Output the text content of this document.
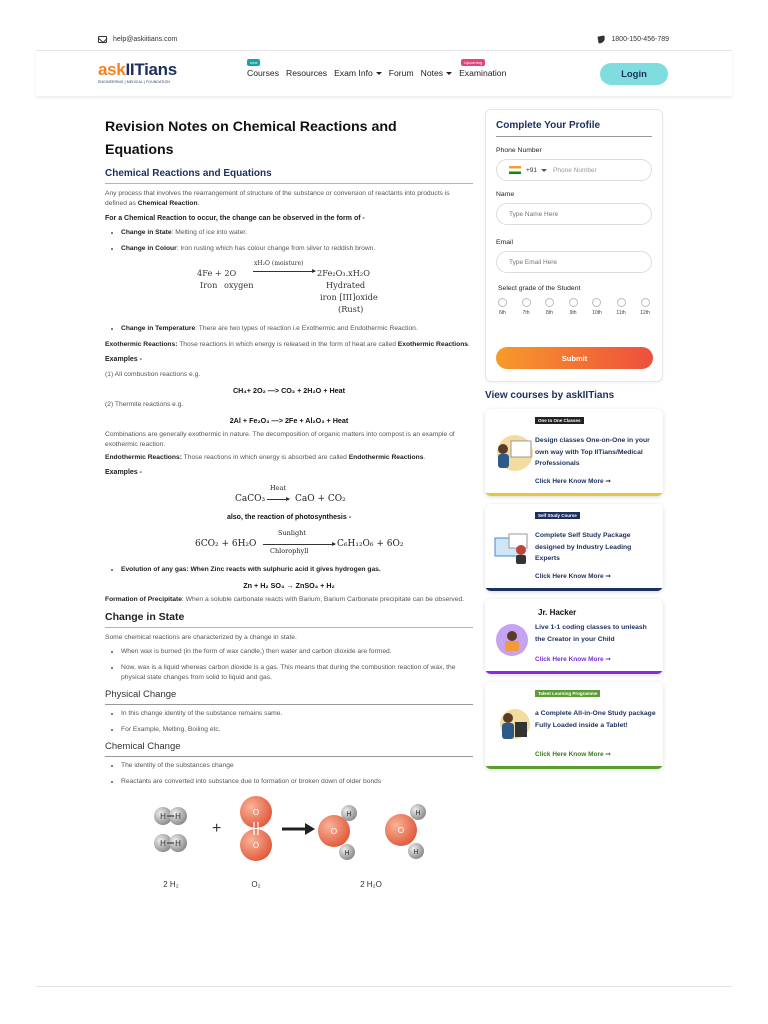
help@askiitians.com	1800-150-456-789
askIITians
ENGINEERING | MEDICAL | FOUNDATION
new
Courses Resources Exam Info Forum Notes
Upcoming
Examination	Login
Revision Notes on Chemical Reactions and Equations
Chemical Reactions and Equations

Any process that involves the rearrangement of structure of the substance or conversion of reactants into products is defined as Chemical Reaction.

For a Chemical Reaction to occur, the change can be observed in the form of -

• Change in State: Melting of ice into water.
• Change in Colour: Iron rusting which has colour change from silver to reddish brown.
4Fe + 2O
xH₂O (moisture)
2Fe₂O₃.xH₂O
Iron oxygen	Hydrated
iron [III]oxide
(Rust)
• Change in Temperature: There are two types of reaction i.e Exothermic and Endothermic Reaction.

Exothermic Reactions: Those reactions in which energy is released in the form of heat are called Exothermic Reactions.

Examples -

(1) All combustion reactions e.g.

CH₄+ 2O₂ —> CO₂ + 2H₂O + Heat

(2) Thermite reactions e.g.

2Al + Fe₂O₃ —> 2Fe + Al₂O₃ + Heat

Combinations are generally exothermic in nature. The decomposition of organic matters into compost is an example of exothermic reaction.

Endothermic Reactions: Those reactions in which energy is absorbed are called Endothermic Reactions.

Examples -

CaCO₃
Heat
CaO + CO₂
also, the reaction of photosynthesis -
6CO₂ + 6H₂O
Sunlight
Chlorophyll
C₆H₁₂O₆ + 6O₂
• Evolution of any gas: When Zinc reacts with sulphuric acid it gives hydrogen gas.
Zn + H₂ SO₄ → ZnSO₄ + H₂

Formation of Precipitate: When a soluble carbonate reacts with Barium, Barium Carbonate precipitate can be observed.

Change in State

Some chemical reactions are characterized by a change in state.

• When wax is burned (in the form of wax candle,) then water and carbon dioxide are formed.
• Now, wax is a liquid whereas carbon dioxide is a gas. This means that during the combustion reaction of wax, the physical state changes from solid to liquid and gas.
Physical Change
• In this change identity of the substance remains same.
• For Example, Melting, Boiling etc.
Chemical Change
• The identity of the substances change
• Reactants are converted into substance due to formation or broken down of older bonds
H H
H H
+
O
O
O
H
H
O
H
H
2 H₂	O₂	2 H₂O
Complete Your Profile
Phone Number
+91 Phone Number
Name
Type Name Here
Email
Type Email Here
Select grade of the Student
6th	7th	8th	9th	10th	11th	12th
Submit
View courses by askIITians
One to One Classes
Design classes One-on-One in your own way with Top IITians/Medical Professionals
Click Here Know More ➞
Self Study Course
Complete Self Study Package designed by Industry Leading Experts
Click Here Know More ➞
Jr. Hacker
Live 1-1 coding classes to unleash the Creator in your Child
Click Here Know More ➞
Talent Learning Programme
a Complete All-in-One Study package Fully Loaded inside a Tablet!
Click Here Know More ➞
